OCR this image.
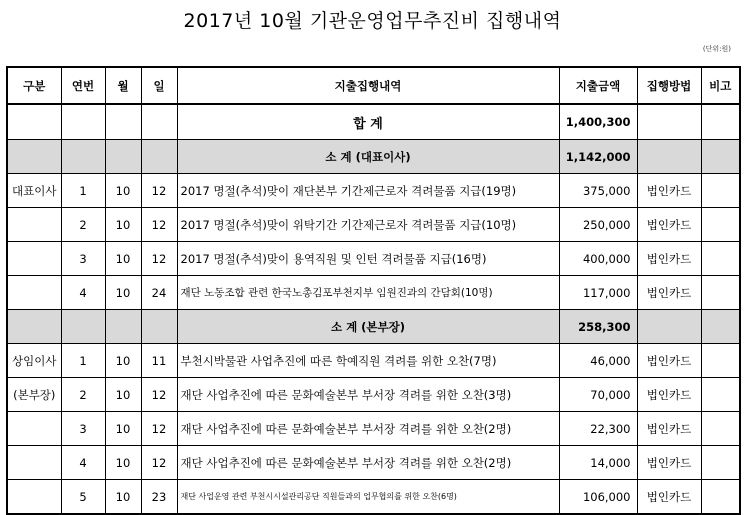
2017년 10월 기관운영업무추진비 집행내역
(단위:원)
구분	연번	월	일	지출집행내역	지출금액	집행방법	비고
				합 계	1,400,300		
				소 계 (대표이사)	1,142,000		
대표이사	1	10	12	2017 명절(추석)맞이 재단본부 기간제근로자 격려물품 지급(19명)	375,000	법인카드	
	2	10	12	2017 명절(추석)맞이 위탁기간 기간제근로자 격려물품 지급(10명)	250,000	법인카드	
	3	10	12	2017 명절(추석)맞이 용역직원 및 인턴 격려물품 지급(16명)	400,000	법인카드	
	4	10	24	재단 노동조합 관련 한국노총김포부천지부 임원진과의 간담회(10명)	117,000	법인카드	
				소 계 (본부장)	258,300		
상임이사	1	10	11	부천시박물관 사업추진에 따른 학예직원 격려를 위한 오찬(7명)	46,000	법인카드	
(본부장)	2	10	12	재단 사업추진에 따른 문화예술본부 부서장 격려를 위한 오찬(3명)	70,000	법인카드	
	3	10	12	재단 사업추진에 따른 문화예술본부 부서장 격려를 위한 오찬(2명)	22,300	법인카드	
	4	10	12	재단 사업추진에 따른 문화예술본부 부서장 격려를 위한 오찬(2명)	14,000	법인카드	
	5	10	23	재단 사업운영 관련 부천시시설관리공단 직원들과의 업무협의를 위한 오찬(6명)	106,000	법인카드	
